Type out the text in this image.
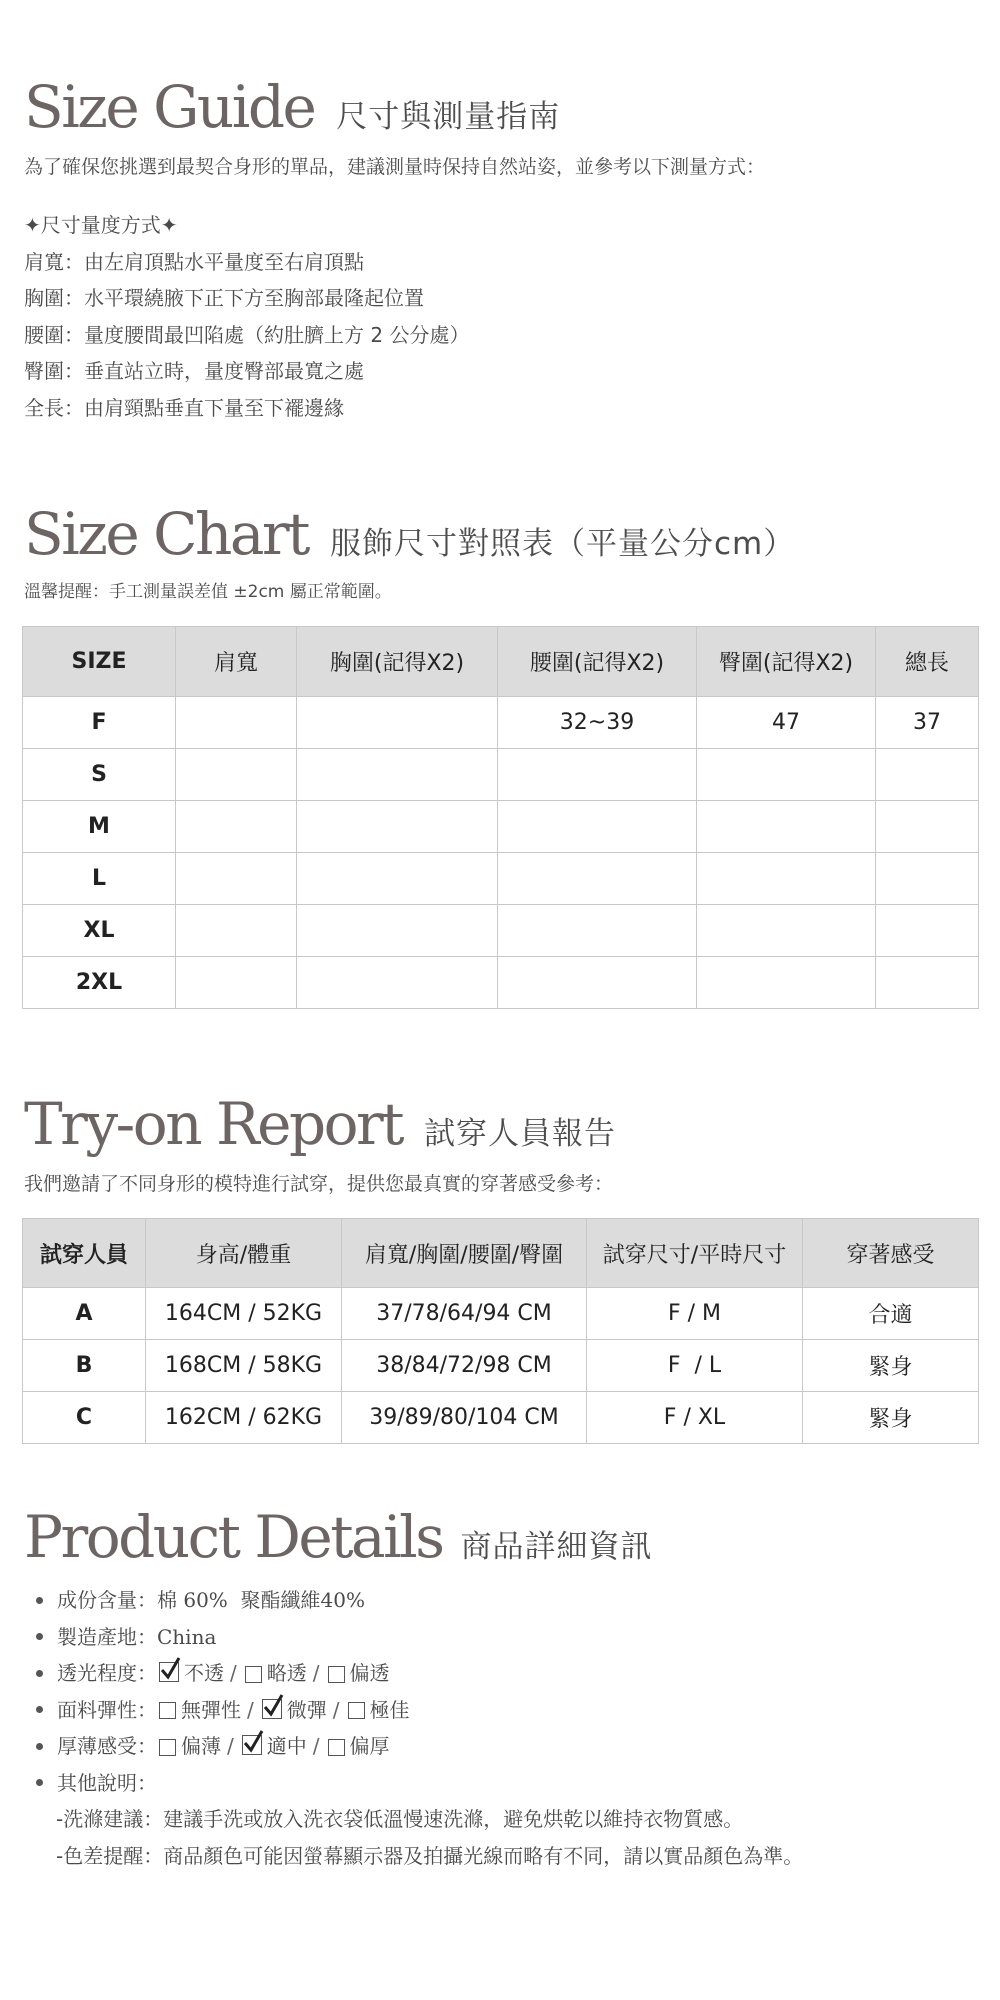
Size Guide 尺寸與測量指南
為了確保您挑選到最契合身形的單品，建議測量時保持自然站姿，並參考以下測量方式：
✦尺寸量度方式✦
肩寬：由左肩頂點水平量度至右肩頂點
胸圍：水平環繞腋下正下方至胸部最隆起位置
腰圍：量度腰間最凹陷處（約肚臍上方 2 公分處）
臀圍：垂直站立時，量度臀部最寬之處
全長：由肩頸點垂直下量至下襬邊緣
Size Chart 服飾尺寸對照表（平量公分cm）
溫馨提醒：手工測量誤差值 ±2cm 屬正常範圍。
SIZE	肩寬	胸圍(記得X2)	腰圍(記得X2)	臀圍(記得X2)	總長
F			32~39	47	37
S					
M					
L					
XL					
2XL					
Try-on Report 試穿人員報告
我們邀請了不同身形的模特進行試穿，提供您最真實的穿著感受參考：
試穿人員	身高/體重	肩寬/胸圍/腰圍/臀圍	試穿尺寸/平時尺寸	穿著感受
A	164CM / 52KG	37/78/64/94 CM	F / M	合適
B	168CM / 58KG	38/84/72/98 CM	F  / L	緊身
C	162CM / 62KG	39/89/80/104 CM	F / XL	緊身
Product Details 商品詳細資訊
成份含量： 棉 60%  聚酯纖維40%
製造產地： China
透光程度： 不透 / 略透 / 偏透
面料彈性： 無彈性 / 微彈 / 極佳
厚薄感受： 偏薄 / 適中 / 偏厚
其他說明：
-洗滌建議：建議手洗或放入洗衣袋低溫慢速洗滌，避免烘乾以維持衣物質感。
-色差提醒：商品顏色可能因螢幕顯示器及拍攝光線而略有不同，請以實品顏色為準。
